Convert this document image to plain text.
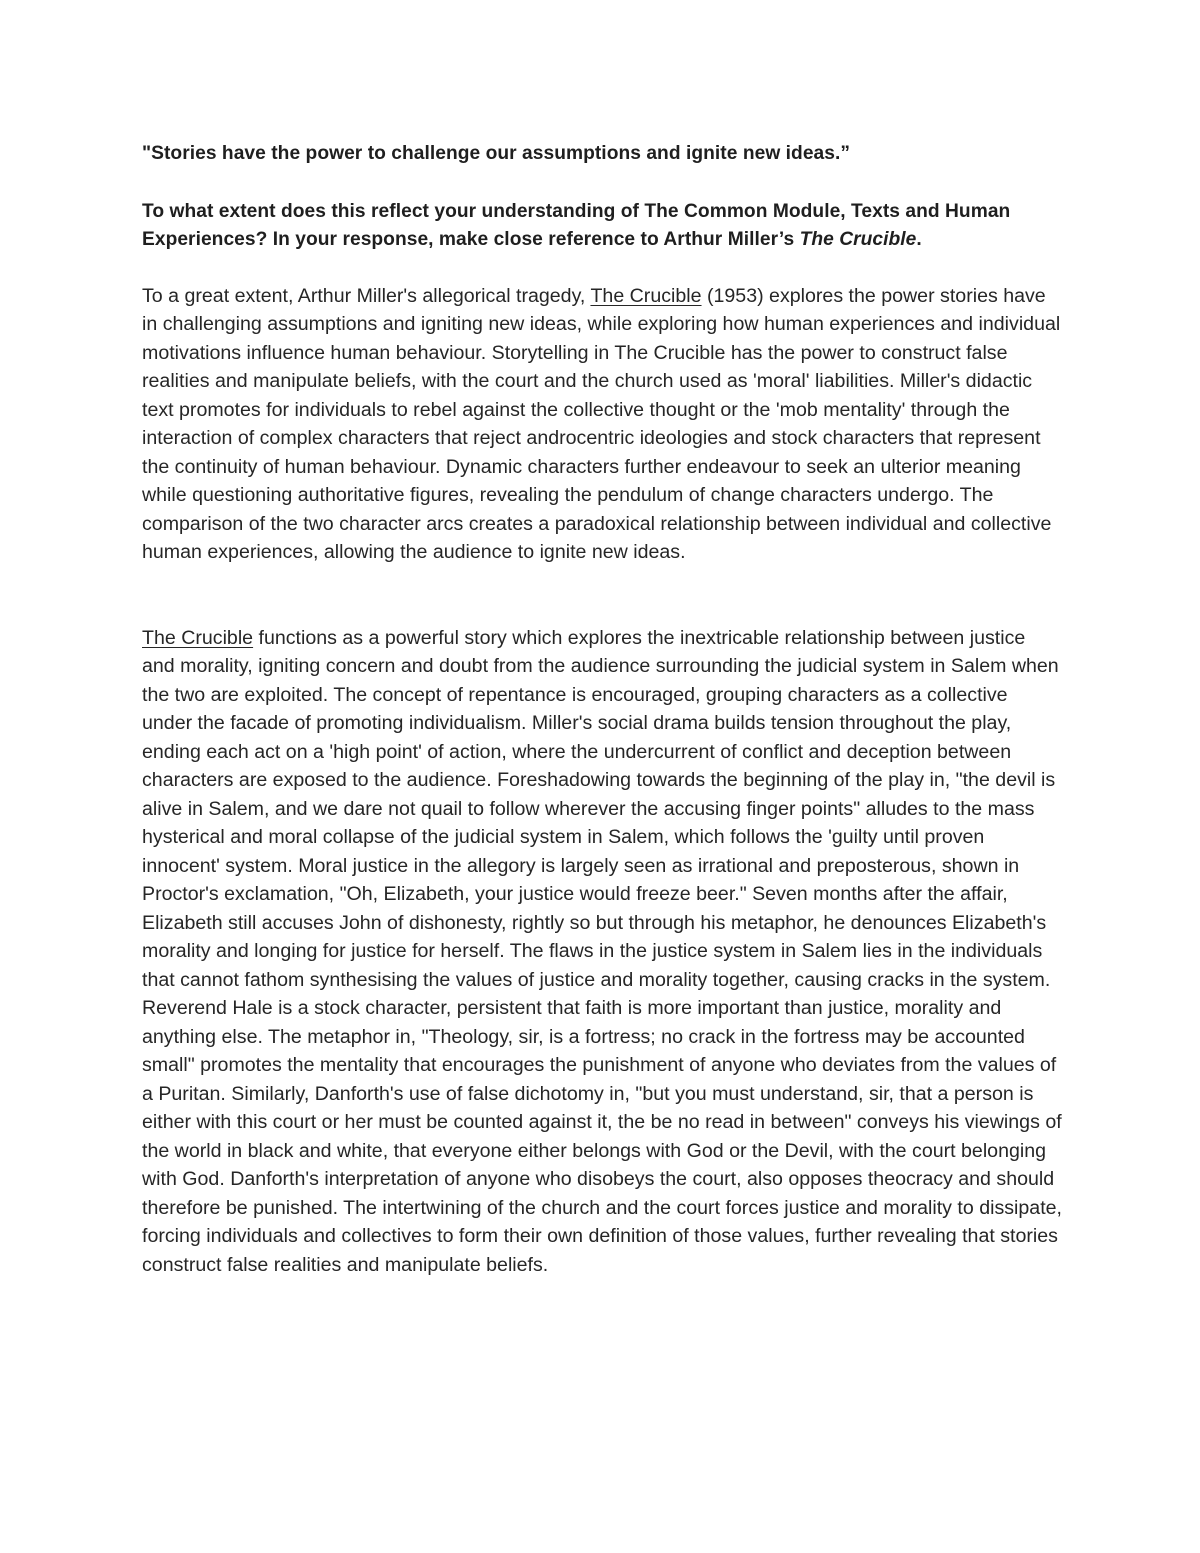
"Stories have the power to challenge our assumptions and ignite new ideas.”

To what extent does this reflect your understanding of The Common Module, Texts and Human Experiences? In your response, make close reference to Arthur Miller’s The Crucible.

To a great extent, Arthur Miller's allegorical tragedy, The Crucible (1953) explores the power stories have in challenging assumptions and igniting new ideas, while exploring how human experiences and individual motivations influence human behaviour. Storytelling in The Crucible has the power to construct false realities and manipulate beliefs, with the court and the church used as 'moral' liabilities. Miller's didactic text promotes for individuals to rebel against the collective thought or the 'mob mentality' through the interaction of complex characters that reject androcentric ideologies and stock characters that represent the continuity of human behaviour. Dynamic characters further endeavour to seek an ulterior meaning while questioning authoritative figures, revealing the pendulum of change characters undergo. The comparison of the two character arcs creates a paradoxical relationship between individual and collective human experiences, allowing the audience to ignite new ideas.

The Crucible functions as a powerful story which explores the inextricable relationship between justice and morality, igniting concern and doubt from the audience surrounding the judicial system in Salem when the two are exploited. The concept of repentance is encouraged, grouping characters as a collective under the facade of promoting individualism. Miller's social drama builds tension throughout the play, ending each act on a 'high point' of action, where the undercurrent of conflict and deception between characters are exposed to the audience. Foreshadowing towards the beginning of the play in, "the devil is alive in Salem, and we dare not quail to follow wherever the accusing finger points" alludes to the mass hysterical and moral collapse of the judicial system in Salem, which follows the 'guilty until proven innocent' system. Moral justice in the allegory is largely seen as irrational and preposterous, shown in Proctor's exclamation, "Oh, Elizabeth, your justice would freeze beer." Seven months after the affair, Elizabeth still accuses John of dishonesty, rightly so but through his metaphor, he denounces Elizabeth's morality and longing for justice for herself. The flaws in the justice system in Salem lies in the individuals that cannot fathom synthesising the values of justice and morality together, causing cracks in the system. Reverend Hale is a stock character, persistent that faith is more important than justice, morality and anything else. The metaphor in, "Theology, sir, is a fortress; no crack in the fortress may be accounted small" promotes the mentality that encourages the punishment of anyone who deviates from the values of a Puritan. Similarly, Danforth's use of false dichotomy in, "but you must understand, sir, that a person is either with this court or her must be counted against it, the be no read in between" conveys his viewings of the world in black and white, that everyone either belongs with God or the Devil, with the court belonging with God. Danforth's interpretation of anyone who disobeys the court, also opposes theocracy and should therefore be punished. The intertwining of the church and the court forces justice and morality to dissipate, forcing individuals and collectives to form their own definition of those values, further revealing that stories construct false realities and manipulate beliefs.
